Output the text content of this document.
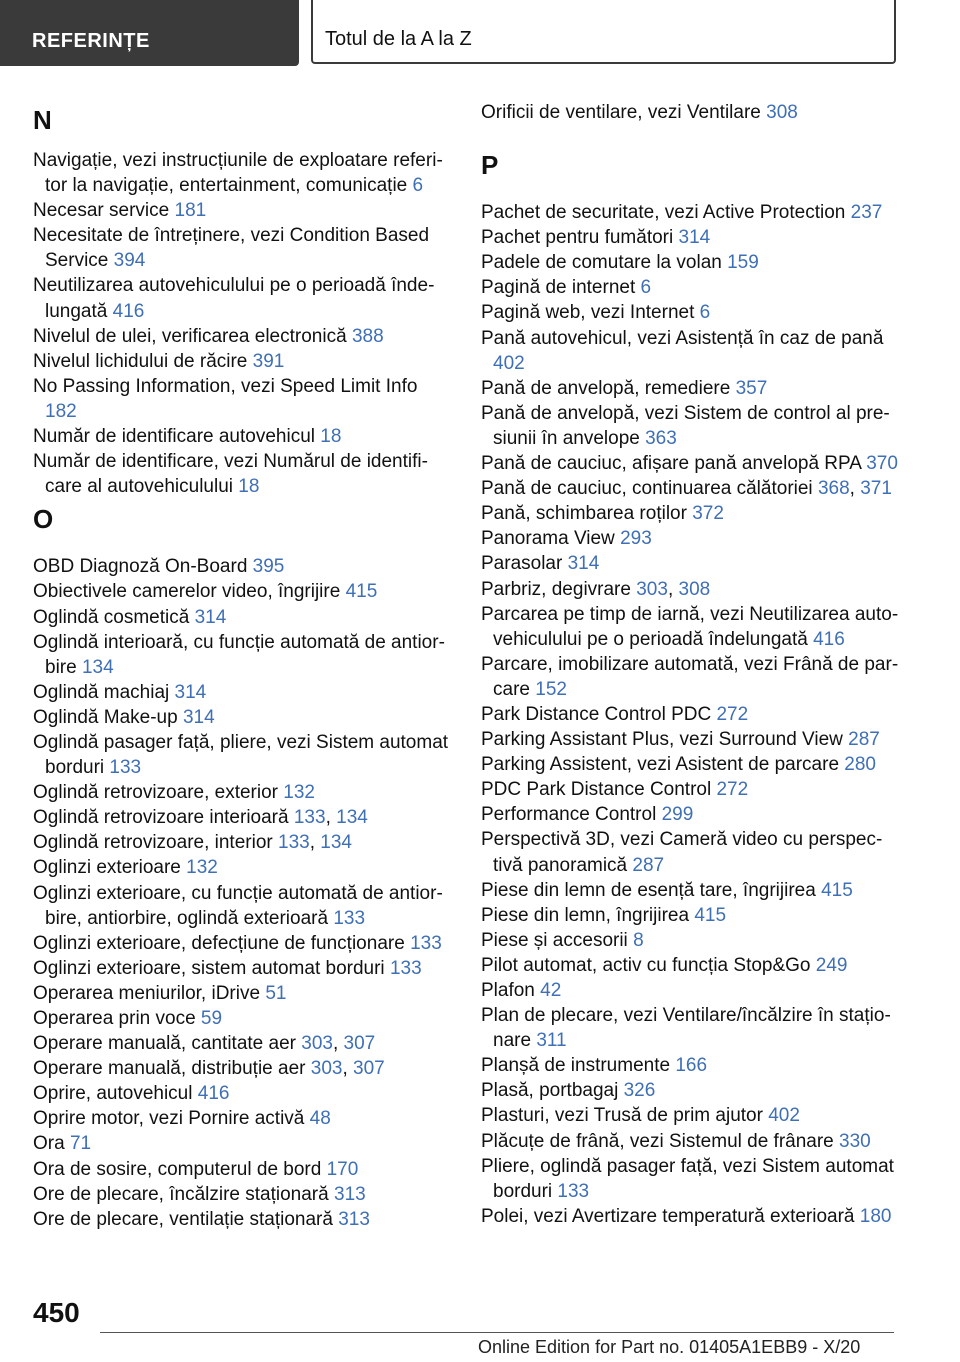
REFERINȚE	Totul de la A la Z
N
Navigație, vezi instrucțiunile de exploatare referitor la navigație, entertainment, comunicație 6
Necesar service 181
Necesitate de întreținere, vezi Condition Based Service 394
Neutilizarea autovehiculului pe o perioadă îndelungată 416
Nivelul de ulei, verificarea electronică 388
Nivelul lichidului de răcire 391
No Passing Information, vezi Speed Limit Info 182
Număr de identificare autovehicul 18
Număr de identificare, vezi Numărul de identificare al autovehiculului 18
O
OBD Diagnoză On-Board 395
Obiectivele camerelor video, îngrijire 415
Oglindă cosmetică 314
Oglindă interioară, cu funcție automată de antiorbire 134
Oglindă machiaj 314
Oglindă Make-up 314
Oglindă pasager față, pliere, vezi Sistem automat borduri 133
Oglindă retrovizoare, exterior 132
Oglindă retrovizoare interioară 133, 134
Oglindă retrovizoare, interior 133, 134
Oglinzi exterioare 132
Oglinzi exterioare, cu funcție automată de antiorbire, antiorbire, oglindă exterioară 133
Oglinzi exterioare, defecțiune de funcționare 133
Oglinzi exterioare, sistem automat borduri 133
Operarea meniurilor, iDrive 51
Operarea prin voce 59
Operare manuală, cantitate aer 303, 307
Operare manuală, distribuție aer 303, 307
Oprire, autovehicul 416
Oprire motor, vezi Pornire activă 48
Ora 71
Ora de sosire, computerul de bord 170
Ore de plecare, încălzire staționară 313
Ore de plecare, ventilație staționară 313
Orificii de ventilare, vezi Ventilare 308
P
Pachet de securitate, vezi Active Protection 237
Pachet pentru fumători 314
Padele de comutare la volan 159
Pagină de internet 6
Pagină web, vezi Internet 6
Pană autovehicul, vezi Asistență în caz de pană 402
Pană de anvelopă, remediere 357
Pană de anvelopă, vezi Sistem de control al presiunii în anvelope 363
Pană de cauciuc, afișare pană anvelopă RPA 370
Pană de cauciuc, continuarea călătoriei 368, 371
Pană, schimbarea roților 372
Panorama View 293
Parasolar 314
Parbriz, degivrare 303, 308
Parcarea pe timp de iarnă, vezi Neutilizarea autovehiculului pe o perioadă îndelungată 416
Parcare, imobilizare automată, vezi Frână de parcare 152
Park Distance Control PDC 272
Parking Assistant Plus, vezi Surround View 287
Parking Assistent, vezi Asistent de parcare 280
PDC Park Distance Control 272
Performance Control 299
Perspectivă 3D, vezi Cameră video cu perspectivă panoramică 287
Piese din lemn de esență tare, îngrijirea 415
Piese din lemn, îngrijirea 415
Piese și accesorii 8
Pilot automat, activ cu funcția Stop&Go 249
Plafon 42
Plan de plecare, vezi Ventilare/încălzire în staționare 311
Planșă de instrumente 166
Plasă, portbagaj 326
Plasturi, vezi Trusă de prim ajutor 402
Plăcuțe de frână, vezi Sistemul de frânare 330
Pliere, oglindă pasager față, vezi Sistem automat borduri 133
Polei, vezi Avertizare temperatură exterioară 180
450
Online Edition for Part no. 01405A1EBB9 - X/20
